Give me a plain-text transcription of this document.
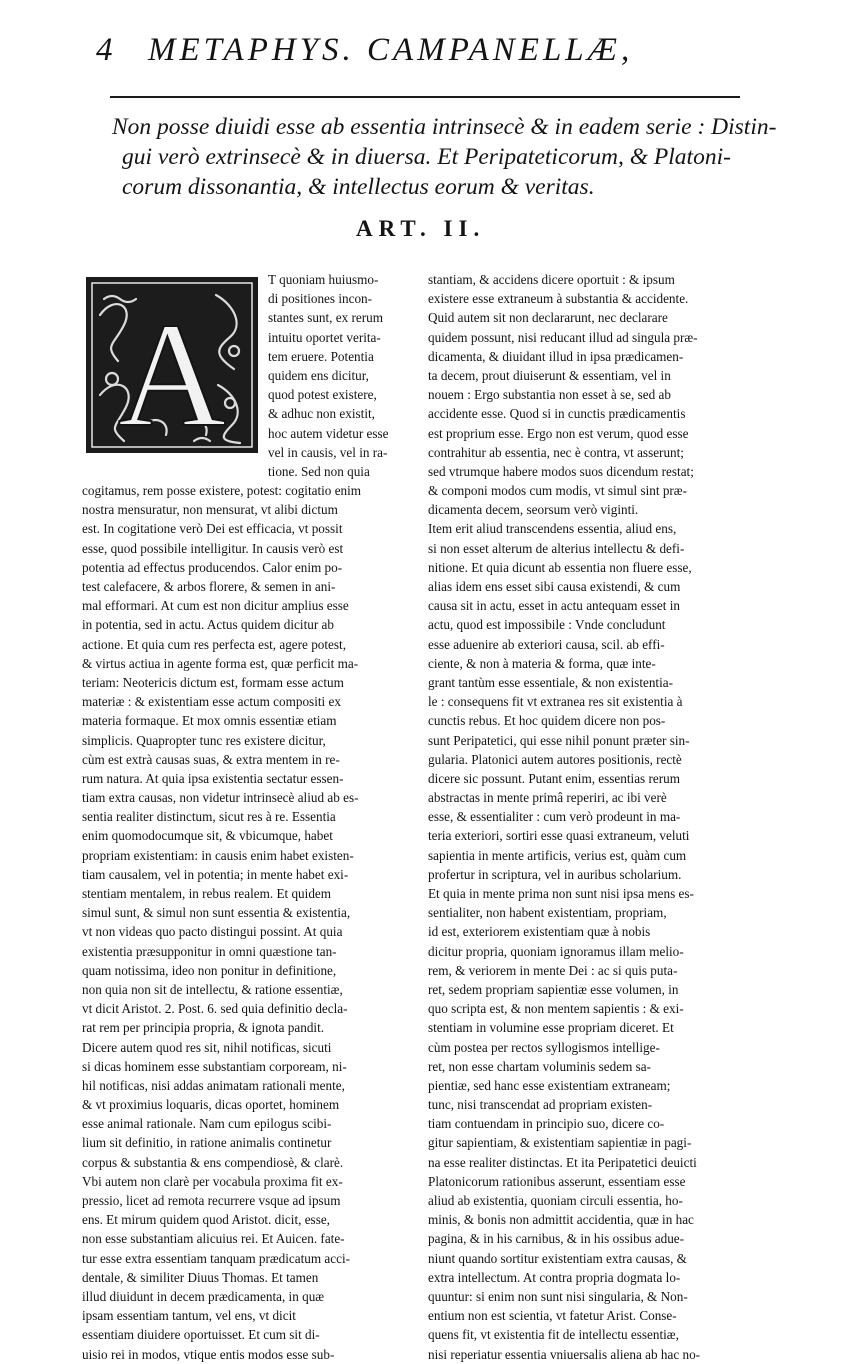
4 METAPHYS. CAMPANELLÆ,
Non posse diuidi esse ab essentia intrinsecè & in eadem serie : Distin-
gui verò extrinsecè & in diuersa. Et Peripateticorum, & Platoni-
corum dissonantia, & intellectus eorum & veritas.
ART. II.
A
T quoniam huiusmo-
di positiones incon-
stantes sunt, ex rerum
intuitu oportet verita-
tem eruere. Potentia
quidem ens dicitur,
quod potest existere,
& adhuc non existit,
hoc autem videtur esse
vel in causis, vel in ra-
tione. Sed non quia
cogitamus, rem posse existere, potest: cogitatio enim
nostra mensuratur, non mensurat, vt alibi dictum
est. In cogitatione verò Dei est efficacia, vt possit
esse, quod possibile intelligitur. In causis verò est
potentia ad effectus producendos. Calor enim po-
test calefacere, & arbos florere, & semen in ani-
mal efformari. At cum est non dicitur amplius esse
in potentia, sed in actu. Actus quidem dicitur ab
actione. Et quia cum res perfecta est, agere potest,
& virtus actiua in agente forma est, quæ perficit ma-
teriam: Neotericis dictum est, formam esse actum
materiæ : & existentiam esse actum compositi ex
materia formaque. Et mox omnis essentiæ etiam
simplicis. Quapropter tunc res existere dicitur,
cùm est extrà causas suas, & extra mentem in re-
rum natura. At quia ipsa existentia sectatur essen-
tiam extra causas, non videtur intrinsecè aliud ab es-
sentia realiter distinctum, sicut res à re. Essentia
enim quomodocumque sit, & vbicumque, habet
propriam existentiam: in causis enim habet existen-
tiam causalem, vel in potentia; in mente habet exi-
stentiam mentalem, in rebus realem. Et quidem
simul sunt, & simul non sunt essentia & existentia,
vt non videas quo pacto distingui possint. At quia
existentia præsupponitur in omni quæstione tan-
quam notissima, ideo non ponitur in definitione,
non quia non sit de intellectu, & ratione essentiæ,
vt dicit Aristot. 2. Post. 6. sed quia definitio decla-
rat rem per principia propria, & ignota pandit.
Dicere autem quod res sit, nihil notificas, sicuti
si dicas hominem esse substantiam corpoream, ni-
hil notificas, nisi addas animatam rationali mente,
& vt proximius loquaris, dicas oportet, hominem
esse animal rationale. Nam cum epilogus scibi-
lium sit definitio, in ratione animalis continetur
corpus & substantia & ens compendiosè, & clarè.
Vbi autem non clarè per vocabula proxima fit ex-
pressio, licet ad remota recurrere vsque ad ipsum
ens. Et mirum quidem quod Aristot. dicit, esse,
non esse substantiam alicuius rei. Et Auicen. fate-
tur esse extra essentiam tanquam prædicatum acci-
dentale, & similiter Diuus Thomas. Et tamen
illud diuidunt in decem prædicamenta, in quæ
ipsam essentiam tantum, vel ens, vt dicit
essentiam diuidere oportuisset. Et cum sit di-
uisio rei in modos, vtique entis modos esse sub-
stantiam, & accidens dicere oportuit : & ipsum
existere esse extraneum à substantia & accidente.
Quid autem sit non declararunt, nec declarare
quidem possunt, nisi reducant illud ad singula præ-
dicamenta, & diuidant illud in ipsa prædicamen-
ta decem, prout diuiserunt & essentiam, vel in
nouem : Ergo substantia non esset à se, sed ab
accidente esse. Quod si in cunctis prædicamentis
est proprium esse. Ergo non est verum, quod esse
contrahitur ab essentia, nec è contra, vt asserunt;
sed vtrumque habere modos suos dicendum restat;
& componi modos cum modis, vt simul sint præ-
dicamenta decem, seorsum verò viginti.
Item erit aliud transcendens essentia, aliud ens,
si non esset alterum de alterius intellectu & defi-
nitione. Et quia dicunt ab essentia non fluere esse,
alias idem ens esset sibi causa existendi, & cum
causa sit in actu, esset in actu antequam esset in
actu, quod est impossibile : Vnde concludunt
esse aduenire ab exteriori causa, scil. ab effi-
ciente, & non à materia & forma, quæ inte-
grant tantùm esse essentiale, & non existentia-
le : consequens fit vt extranea res sit existentia à
cunctis rebus. Et hoc quidem dicere non pos-
sunt Peripatetici, qui esse nihil ponunt præter sin-
gularia. Platonici autem autores positionis, rectè
dicere sic possunt. Putant enim, essentias rerum
abstractas in mente primâ reperiri, ac ibi verè
esse, & essentialiter : cum verò prodeunt in ma-
teria exteriori, sortiri esse quasi extraneum, veluti
sapientia in mente artificis, verius est, quàm cum
profertur in scriptura, vel in auribus scholarium.
Et quia in mente prima non sunt nisi ipsa mens es-
sentialiter, non habent existentiam, propriam,
id est, exteriorem existentiam quæ à nobis
dicitur propria, quoniam ignoramus illam melio-
rem, & veriorem in mente Dei : ac si quis puta-
ret, sedem propriam sapientiæ esse volumen, in
quo scripta est, & non mentem sapientis : & exi-
stentiam in volumine esse propriam diceret. Et
cùm postea per rectos syllogismos intellige-
ret, non esse chartam voluminis sedem sa-
pientiæ, sed hanc esse existentiam extraneam;
tunc, nisi transcendat ad propriam existen-
tiam contuendam in principio suo, dicere co-
gitur sapientiam, & existentiam sapientiæ in pagi-
na esse realiter distinctas. Et ita Peripatetici deuicti
Platonicorum rationibus asserunt, essentiam esse
aliud ab existentia, quoniam circuli essentia, ho-
minis, & bonis non admittit accidentia, quæ in hac
pagina, & in his carnibus, & in his ossibus adue-
niunt quando sortitur existentiam extra causas, &
extra intellectum. At contra propria dogmata lo-
quuntur: si enim non sunt nisi singularia, & Non-
entium non est scientia, vt fatetur Arist. Conse-
quens fit, vt existentia fit de intellectu essentiæ,
nisi reperiatur essentia vniuersalis aliena ab hac no-
